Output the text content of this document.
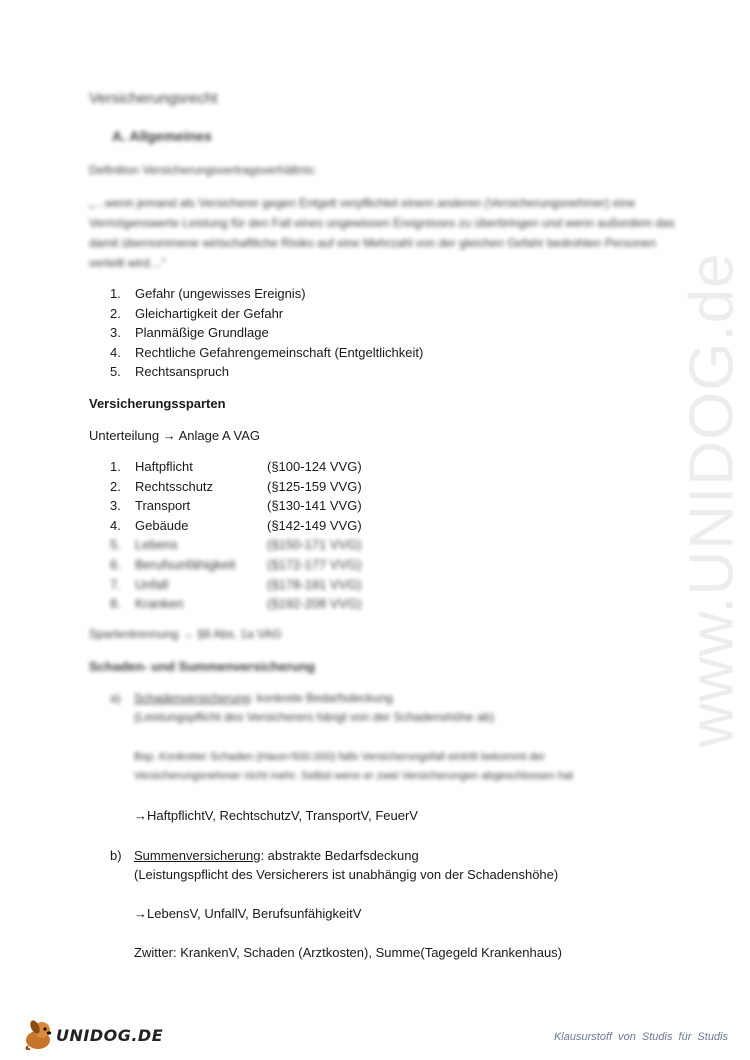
www.UNIDOG.de
Versicherungsrecht
A. Allgemeines
Definition Versicherungsvertragsverhältnis:
„…wenn jemand als Versicherer gegen Entgelt verpflichtet einem anderen (Versicherungsnehmer) eine Vermögenswerte Leistung für den Fall eines ungewissen Ereignisses zu überbringen und wenn außerdem das damit übernommene wirtschaftliche Risiko auf eine Mehrzahl von der gleichen Gefahr bedrohten Personen verteilt wird…“
1. Gefahr (ungewisses Ereignis)
2. Gleichartigkeit der Gefahr
3. Planmäßige Grundlage
4. Rechtliche Gefahrengemeinschaft (Entgeltlichkeit)
5. Rechtsanspruch
Versicherungssparten
Unterteilung → Anlage A VAG
1. Haftpflicht	(§100-124 VVG)
2. Rechtsschutz	(§125-159 VVG)
3. Transport	(§130-141 VVG)
4. Gebäude	(§142-149 VVG)
5. Lebens	(§150-171 VVG)
6. Berufsunfähigkeit (§172-177 VVG)
7. Unfall	(§178-191 VVG)
8. Kranken	(§192-208 VVG)
Spartentrennung → §8 Abs. 1a VAG
Schaden- und Summenversicherung
a) Schadenversicherung: konkrete Bedarfsdeckung
(Leistungspflicht des Versicherers hängt von der Schadenshöhe ab)
Bsp. Konkreter Schaden (Haus=500.000) falls Versicherungsfall eintritt bekommt der
Versicherungsnehmer nicht mehr. Selbst wenn er zwei Versicherungen abgeschlossen hat
→HaftpflichtV, RechtschutzV, TransportV, FeuerV
b) Summenversicherung: abstrakte Bedarfsdeckung
(Leistungspflicht des Versicherers ist unabhängig von der Schadenshöhe)
→LebensV, UnfallV, BerufsunfähigkeitV
Zwitter: KrankenV, Schaden (Arztkosten), Summe(Tagegeld Krankenhaus)
UNIDOG.DE	Klausurstoff von Studis für Studis
